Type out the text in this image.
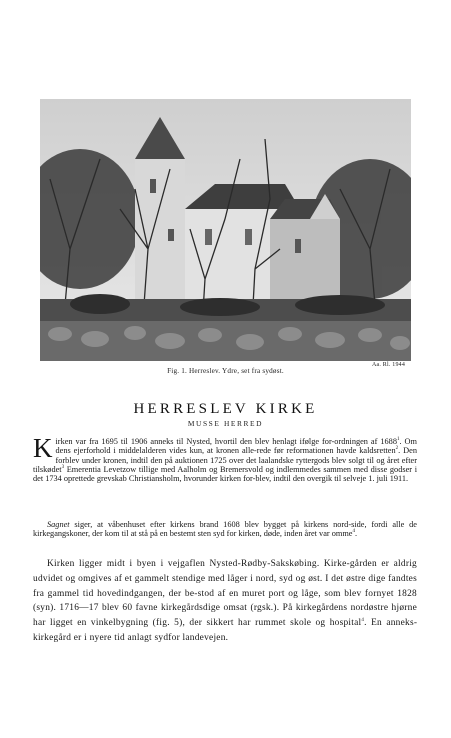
Aa. Rl. 1944
Fig. 1. Herreslev. Ydre, set fra sydøst.
HERRESLEV KIRKE
MUSSE HERRED
Kirken var fra 1695 til 1906 anneks til Nysted, hvortil den blev henlagt ifølge for-ordningen af 1688$^1$. Om dens ejerforhold i middelalderen vides kun, at kronen alle-rede før reformationen havde kaldsretten$^2$. Den forblev under kronen, indtil den på auktionen 1725 over det laalandske ryttergods blev solgt til og året efter tilskødet$^3$ Emerentia Levetzow tillige med Aalholm og Bremersvold og indlemmedes sammen med disse godser i det 1734 oprettede grevskab Christiansholm, hvorunder kirken for-blev, indtil den overgik til selveje 1. juli 1911.
Sagnet siger, at våbenhuset efter kirkens brand 1608 blev bygget på kirkens nord-side, fordi alle de kirkegangskoner, der kom til at stå på en bestemt sten syd for kirken, døde, inden året var omme$^4$.
Kirken ligger midt i byen i vejgaflen Nysted-Rødby-Sakskøbing. Kirke-gården er aldrig udvidet og omgives af et gammelt stendige med låger i nord, syd og øst. I det østre dige fandtes fra gammel tid hovedindgangen, der be-stod af en muret port og låge, som blev fornyet 1828 (syn). 1716—17 blev 60 favne kirkegårdsdige omsat (rgsk.). På kirkegårdens nordøstre hjørne har ligget en vinkelbygning (fig. 5), der sikkert har rummet skole og hospital$^4$. En annekskirkegård er i nyere tid anlagt sydfor landevejen.
